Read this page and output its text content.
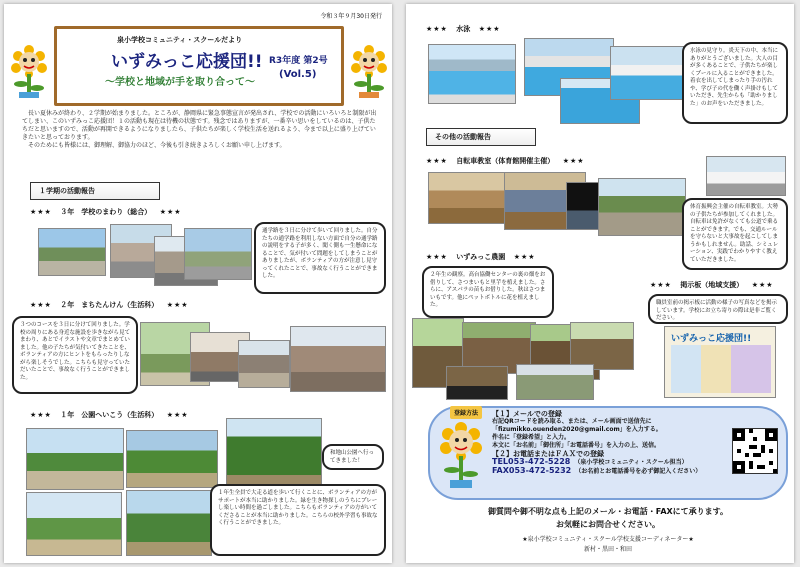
令和３年９月30日発行
泉小学校コミュニティ・スクールだより
いずみっこ応援団!! R3年度 第2号
(Vol.5)
～学校と地域が手を取り合って～

長い夏休みが終わり、２学期が始まりました。ところが、静岡県に緊急事態宣言が発出され、学校での活動にいろいろと制限が出てしまい、このいずみっこ応援団！１の活動も現在は待機の状態です。残念ではありますが、一番辛い思いをしているのは、子供たちだと思いますので、活動が再開できるようになりましたら、子供たちが楽しく学校生活を送れるよう、今まで以上に盛り上げていきたいと思っております。

そのためにも皆様には、御理解、御協力のほど、今後も引き続きよろしくお願い申し上げます。

１学期の活動報告
★★★ ３年　学校のまわり（総合） ★★★
通学路を３日に分けて歩いて回りました。自分たちの通学路を利用しない方面で自分の通学路の説明をする子が多く、聞く側も一生懸命になることで、気が付いて問題をしてしまうことがありましたが、ボランティアの方が注意し見守ってくれたことで、事故なく行うことができました。
★★★ ２年　まちたんけん（生活科） ★★★
３つのコースを３日に分けて回りました。学校の周りにある身近な施設を歩きながら見てまわり、あとでイラストや文章でまとめていました。他の子たちが気付いてきたことを、ボランティアの方にヒントをもらったりしながら楽しそうでした。こちらも見守っていただいたことで、事故なく行うことができました。
★★★ １年　公園へいこう（生活科） ★★★
和地山公園へ行ってきました！
１年生全員で大走る道を歩いて行くことに、ボランティアの方がサポートが本当に助かりました。緑を生き物探しのうちにプレーし楽しい時間を過ごしました。こちらもボランティアの方がいてくださることが本当に助かりました。こちらの校外学習も事故なく行うことができました。
★★★ 水泳 ★★★
水泳の見守り。炎天下の中、本当にありがとうございました。大人の目が多くあることで、子供たちが楽しくプールに入ることができました。着衣を出してしまったり手の汚れや、学び子の代を働く声掛けもしていただき、先生からも「助かりました」のお声をいただきました。
その他の活動報告
★★★ 自転車教室（体育館開催主催） ★★★
体育振興会主催の自転車教室。大勢の子供たちが参加してくれました。自転車は免許がなくても公道で乗ることができます。でも、交通ルールを守らないと大事故を起こしてしまうかもしれません。助話、シミュレーション、実践でわかりやすく教えていただきました。
★★★ いずみっこ農園 ★★★
２年生の観察。高台協働センターの裏の畑をお借りして、さつまいもと里芋を植えました。さらに、アスパラの苗もお借りした。秋はさつまいもです。他にペットボトルに花を植えました。
★★★ 掲示板（地域支援） ★★★
職員室前の掲示板に活動の様子の写真などを掲示しています。学校にお立ち寄りの際は是非ご覧ください。
いずみっこ応援団!!
登録方法	【１】メールでの登録
右記QRコードを読み取る、または、メール画面で送信先に「fizumikko.ouenden2020@gmail.com」を入力する。
件名に「登録希望」と入力。
本文に「お名前」「御住所」「お電話番号」を入力の上、送信。
【２】お電話またはＦＡＸでの登録
TEL053-472-5228 （泉小学校コミュニティ・スクール担当）
FAX053-472-5232 （お名前とお電話番号を必ず御記入ください）
御質問や御不明な点も上記のメール・お電話・FAXにて承ります。
お気軽にお問合せください。
★泉小学校コミュニティ・スクール学校支援コーディネーター★
新村・黒田・和田
